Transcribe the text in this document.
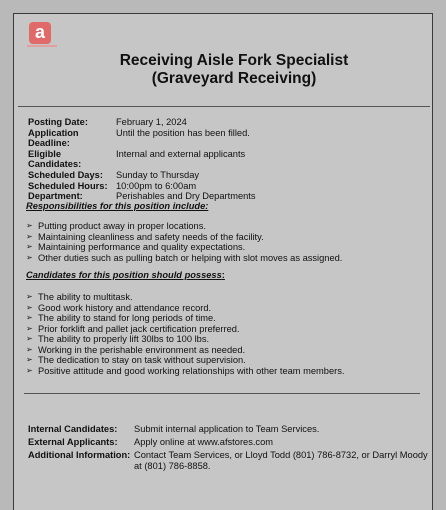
a
Receiving Aisle Fork Specialist
(Graveyard Receiving)
Posting Date:	February 1, 2024
Application Deadline:
Until the position has been filled.
Eligible Candidates:
Internal and external applicants
Scheduled Days:	Sunday to Thursday
Scheduled Hours: 10:00pm to 6:00am
Department:	Perishables and Dry Departments
Responsibilities for this position include:
➢ Putting product away in proper locations.
➢ Maintaining cleanliness and safety needs of the facility.
➢ Maintaining performance and quality expectations.
➢ Other duties such as pulling batch or helping with slot moves as assigned.
Candidates for this position should possess:
➢ The ability to multitask.
➢ Good work history and attendance record.
➢ The ability to stand for long periods of time.
➢ Prior forklift and pallet jack certification preferred.
➢ The ability to properly lift 30lbs to 100 lbs.
➢ Working in the perishable environment as needed.
➢ The dedication to stay on task without supervision.
➢ Positive attitude and good working relationships with other team members.
Internal Candidates:	Submit internal application to Team Services.
External Applicants:	Apply online at www.afstores.com
Additional Information: Contact Team Services, or Lloyd Todd (801) 786-8732, or Darryl Moody at (801) 786-8858.
